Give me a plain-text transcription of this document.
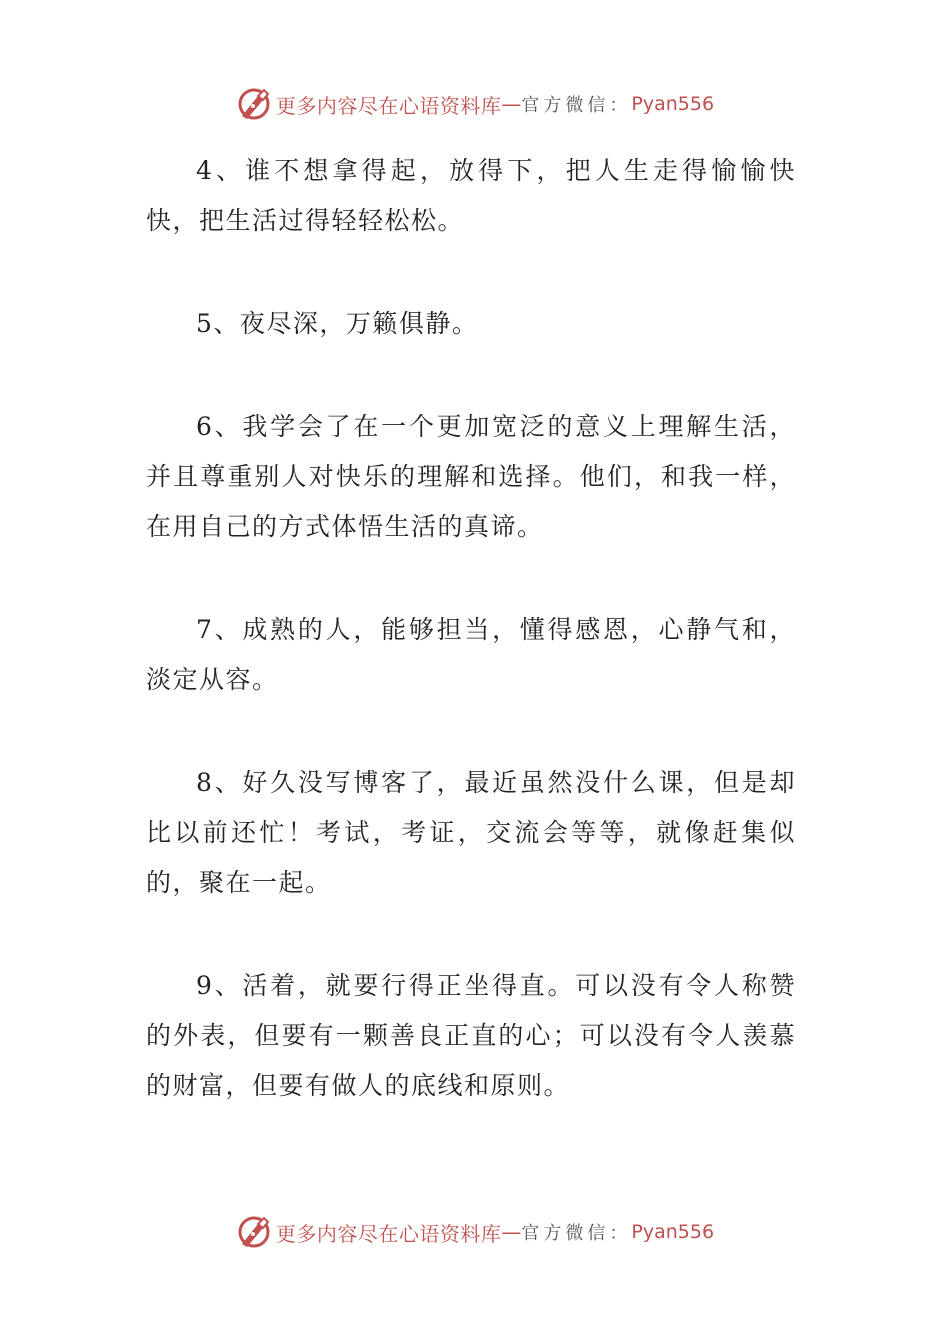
更多内容尽在心语资料库 — 官方微信： Pyan556

4、谁不想拿得起，放得下，把人生走得愉愉快快，把生活过得轻轻松松。

5、夜尽深，万籁俱静。

6、我学会了在一个更加宽泛的意义上理解生活，并且尊重别人对快乐的理解和选择。他们，和我一样，在用自己的方式体悟生活的真谛。

7、成熟的人，能够担当，懂得感恩，心静气和，淡定从容。

8、好久没写博客了，最近虽然没什么课，但是却比以前还忙！考试，考证，交流会等等，就像赶集似的，聚在一起。

9、活着，就要行得正坐得直。可以没有令人称赞的外表，但要有一颗善良正直的心；可以没有令人羡慕的财富，但要有做人的底线和原则。

更多内容尽在心语资料库 — 官方微信： Pyan556
